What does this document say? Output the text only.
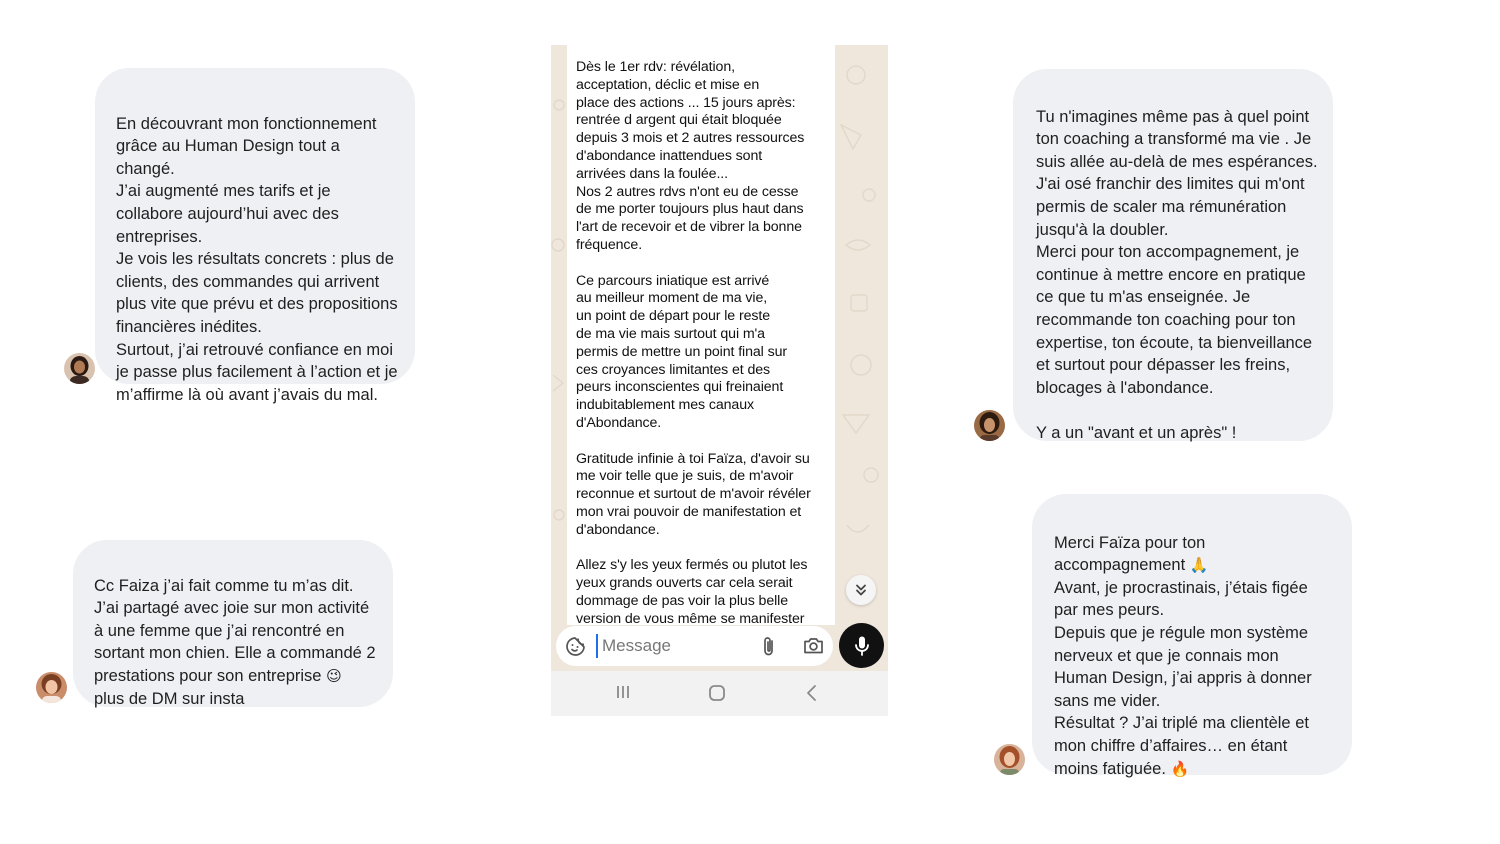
En découvrant mon fonctionnement
grâce au Human Design tout a changé.
J’ai augmenté mes tarifs et je
collabore aujourd’hui avec des
entreprises.
Je vois les résultats concrets : plus de
clients, des commandes qui arrivent
plus vite que prévu et des propositions
financières inédites.
Surtout, j’ai retrouvé confiance en moi
je passe plus facilement à l’action et je
m’affirme là où avant j’avais du mal.

Cc Faiza j’ai fait comme tu m’as dit.
J’ai partagé avec joie sur mon activité
à une femme que j’ai rencontré en
sortant mon chien. Elle a commandé 2
prestations pour son entreprise 😉
plus de DM sur insta

Dès le 1er rdv: révélation,
acceptation, déclic et mise en
place des actions ... 15 jours après:
rentrée d argent qui était bloquée
depuis 3 mois et 2 autres ressources
d'abondance inattendues sont
arrivées dans la foulée...
Nos 2 autres rdvs n'ont eu de cesse
de me porter toujours plus haut dans
l'art de recevoir et de vibrer la bonne
fréquence.

Ce parcours iniatique est arrivé
au meilleur moment de ma vie,
un point de départ pour le reste
de ma vie mais surtout qui m'a
permis de mettre un point final sur
ces croyances limitantes et des
peurs inconscientes qui freinaient
indubitablement mes canaux
d'Abondance.

Gratitude infinie à toi Faïza, d'avoir su
me voir telle que je suis, de m'avoir
reconnue et surtout de m'avoir révéler
mon vrai pouvoir de manifestation et
d'abondance.

Allez s'y les yeux fermés ou plutot les
yeux grands ouverts car cela serait
dommage de pas voir la plus belle
version de vous même se manifester
Message

Tu n'imagines même pas à quel point
ton coaching a transformé ma vie . Je
suis allée au-delà de mes espérances.
J'ai osé franchir des limites qui m'ont
permis de scaler ma rémunération
jusqu'à la doubler.
Merci pour ton accompagnement, je
continue à mettre encore en pratique
ce que tu m'as enseignée. Je
recommande ton coaching pour ton
expertise, ton écoute, ta bienveillance
et surtout pour dépasser les freins,
blocages à l'abondance.

Y a un "avant et un après" !

Merci Faïza pour ton
accompagnement 🙏
Avant, je procrastinais, j’étais figée
par mes peurs.
Depuis que je régule mon système
nerveux et que je connais mon
Human Design, j’ai appris à donner
sans me vider.
Résultat ? J’ai triplé ma clientèle et
mon chiffre d’affaires… en étant
moins fatiguée. 🔥
